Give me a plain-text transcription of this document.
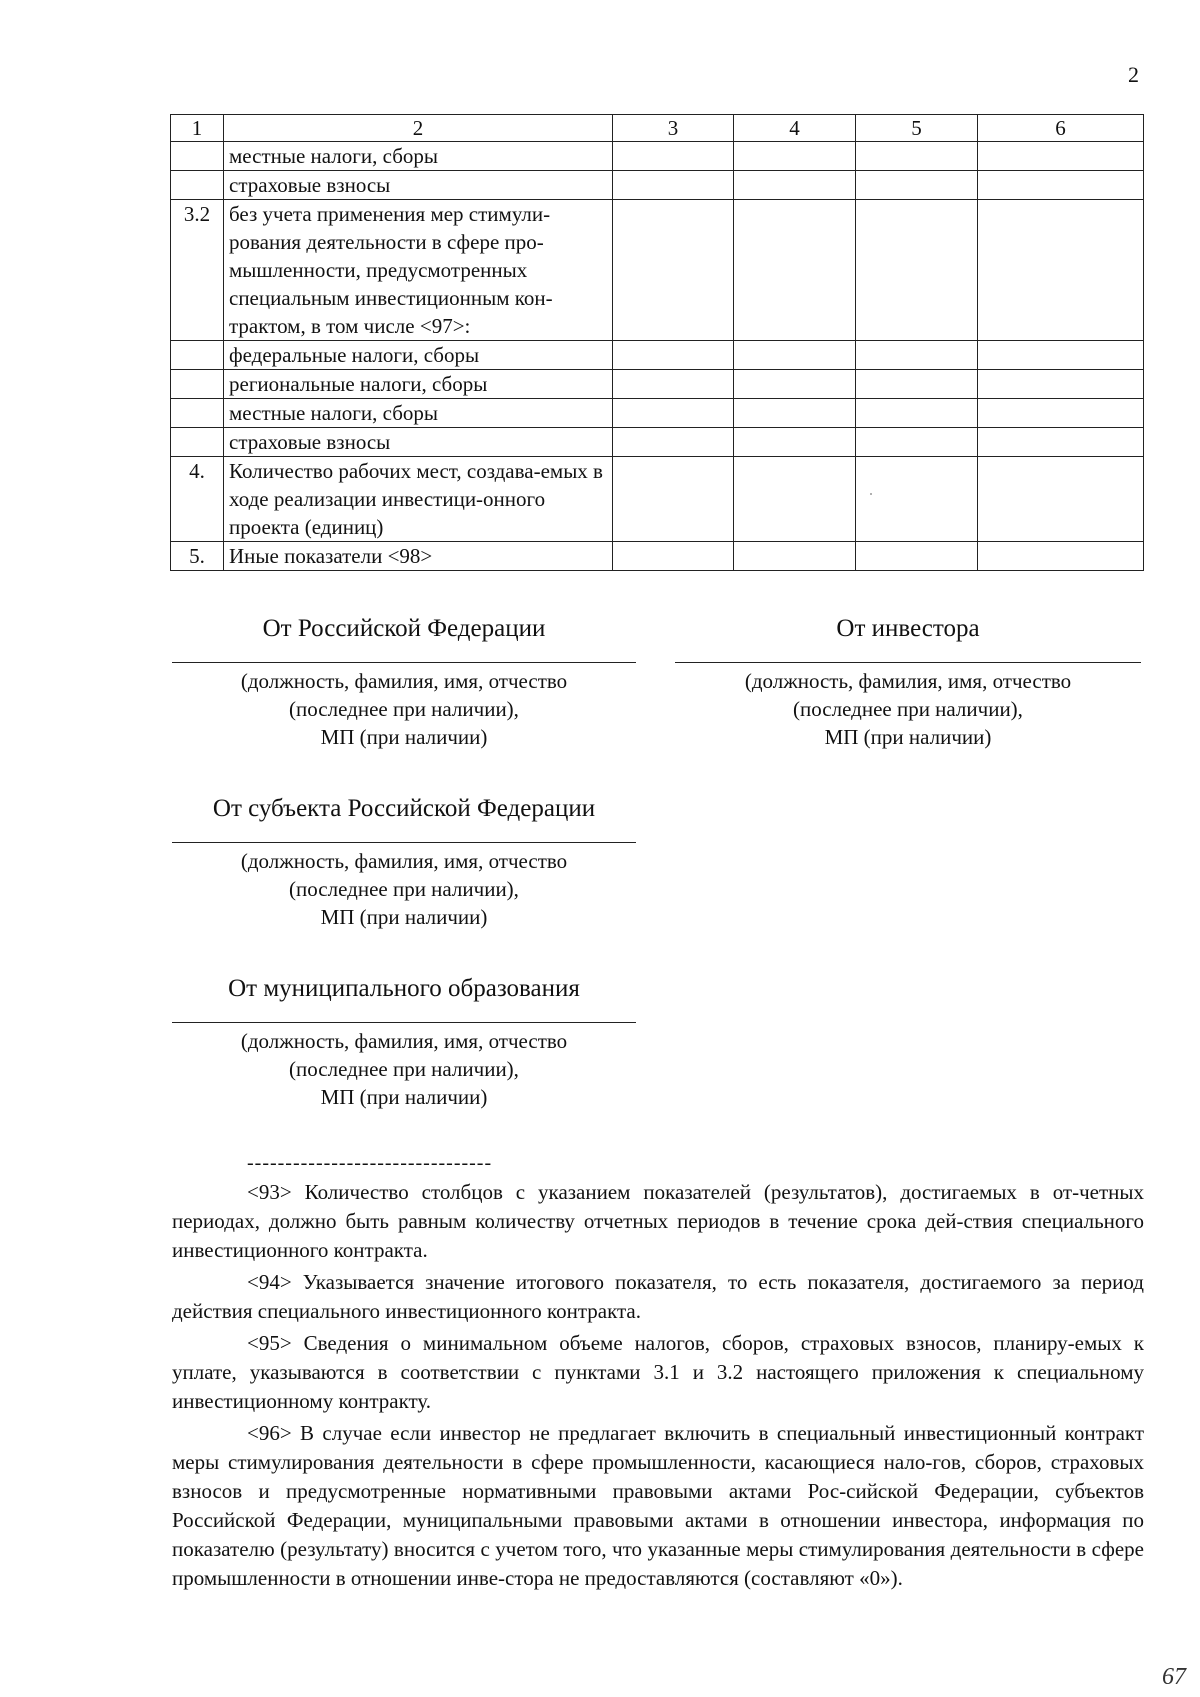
2
1	2	3	4	5	6
	местные налоги, сборы				
	страховые взносы				
3.2	без учета применения мер стимули-рования деятельности в сфере про-мышленности, предусмотренных специальным инвестиционным кон-трактом, в том числе <97>:				
	федеральные налоги, сборы				
	региональные налоги, сборы				
	местные налоги, сборы				
	страховые взносы				
4.	Количество рабочих мест, создава-емых в ходе реализации инвестици-онного проекта (единиц)				
5.	Иные показатели <98>				
От Российской Федерации
(должность, фамилия, имя, отчество
(последнее при наличии),
МП (при наличии)
От инвестора
(должность, фамилия, имя, отчество
(последнее при наличии),
МП (при наличии)
От субъекта Российской Федерации
(должность, фамилия, имя, отчество
(последнее при наличии),
МП (при наличии)
От муниципального образования
(должность, фамилия, имя, отчество
(последнее при наличии),
МП (при наличии)
--------------------------------

<93> Количество столбцов с указанием показателей (результатов), достигаемых в от-четных периодах, должно быть равным количеству отчетных периодов в течение срока дей-ствия специального инвестиционного контракта.

<94> Указывается значение итогового показателя, то есть показателя, достигаемого за период действия специального инвестиционного контракта.

<95> Сведения о минимальном объеме налогов, сборов, страховых взносов, планиру-емых к уплате, указываются в соответствии с пунктами 3.1 и 3.2 настоящего приложения к специальному инвестиционному контракту.

<96> В случае если инвестор не предлагает включить в специальный инвестиционный контракт меры стимулирования деятельности в сфере промышленности, касающиеся нало-гов, сборов, страховых взносов и предусмотренные нормативными правовыми актами Рос-сийской Федерации, субъектов Российской Федерации, муниципальными правовыми актами в отношении инвестора, информация по показателю (результату) вносится с учетом того, что указанные меры стимулирования деятельности в сфере промышленности в отношении инве-стора не предоставляются (составляют «0»).

67
